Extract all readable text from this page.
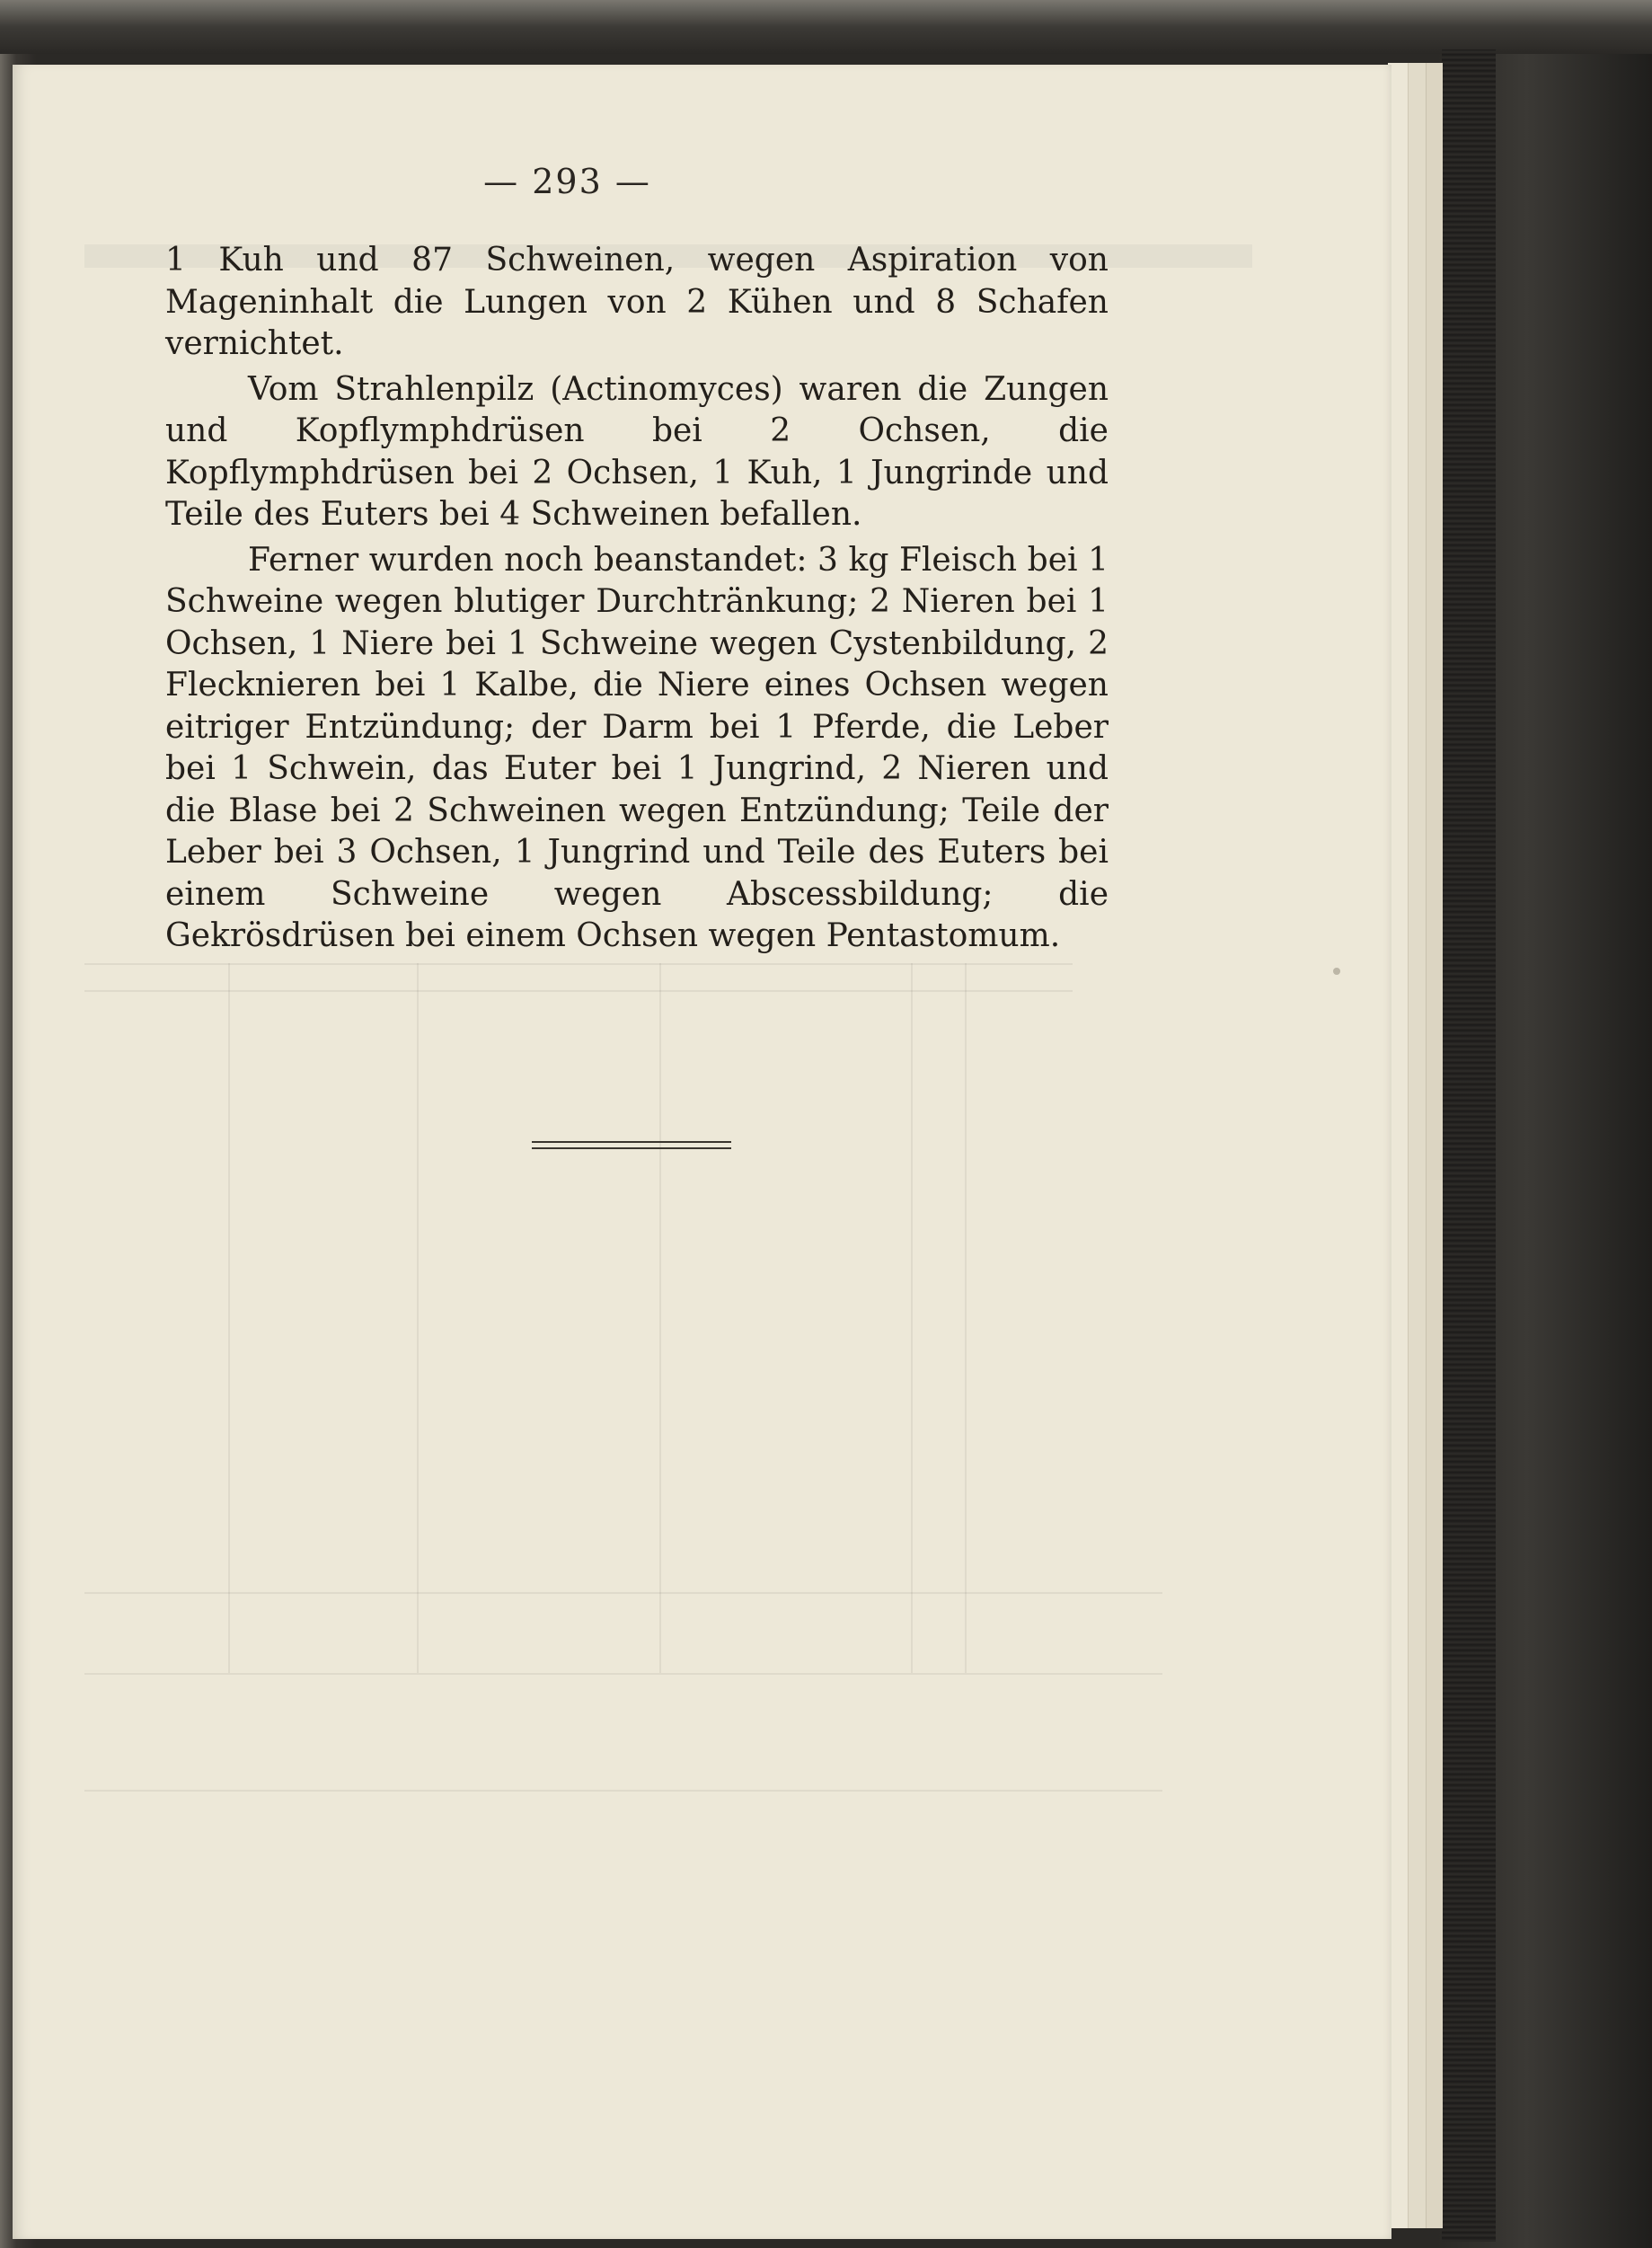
— 293 —

1 Kuh und 87 Schweinen, wegen Aspiration von Mageninhalt die Lungen von 2 Kühen und 8 Schafen vernichtet.

Vom Strahlenpilz (Actinomyces) waren die Zungen und Kopflymphdrüsen bei 2 Ochsen, die Kopflymphdrüsen bei 2 Ochsen, 1 Kuh, 1 Jungrinde und Teile des Euters bei 4 Schweinen befallen.

Ferner wurden noch beanstandet: 3 kg Fleisch bei 1 Schweine wegen blutiger Durchtränkung; 2 Nieren bei 1 Ochsen, 1 Niere bei 1 Schweine wegen Cystenbildung, 2 Flecknieren bei 1 Kalbe, die Niere eines Ochsen wegen eitriger Entzündung; der Darm bei 1 Pferde, die Leber bei 1 Schwein, das Euter bei 1 Jungrind, 2 Nieren und die Blase bei 2 Schweinen wegen Entzündung; Teile der Leber bei 3 Ochsen, 1 Jungrind und Teile des Euters bei einem Schweine wegen Abscessbildung; die Gekrösdrüsen bei einem Ochsen wegen Pentastomum.
